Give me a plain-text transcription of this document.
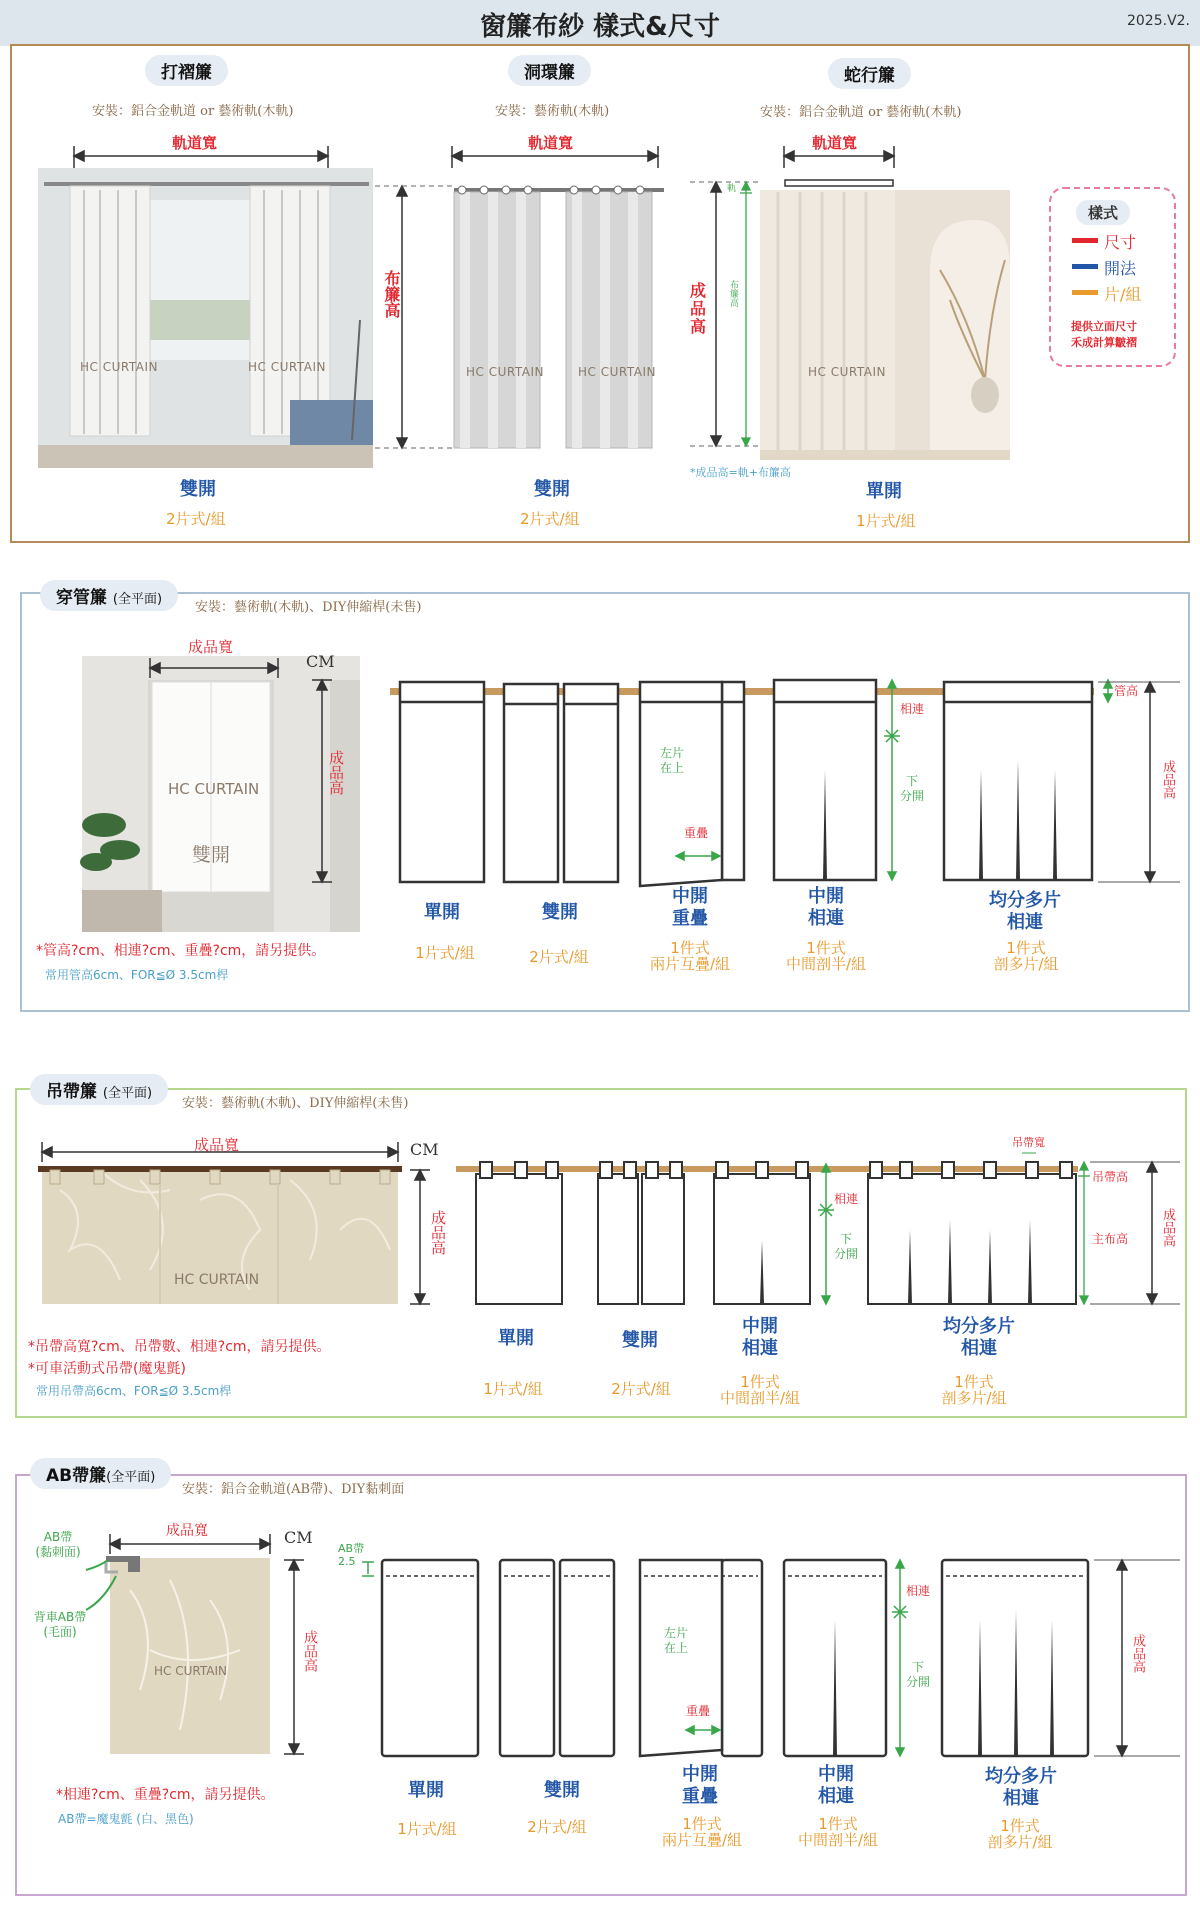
窗簾布紗 樣式&尺寸	2025.V2.
打褶簾	洞環簾	蛇行簾
安裝：鋁合金軌道 or 藝術軌(木軌)	安裝：藝術軌(木軌)	安裝：鋁合金軌道 or 藝術軌(木軌)
HC CURTAIN	HC CURTAIN	HC CURTAIN	HC CURTAIN	HC CURTAIN
軌道寬	軌道寬	軌道寬
布簾高	成品高
軌
布簾高
*成品高=軌+布簾高
雙開	雙開	單開
2片式/組	2片式/組	1片式/組
樣式
尺寸
開法
片/組
提供立面尺寸
禾成計算皺褶
穿管簾 (全平面)
安裝：藝術軌(木軌)、DIY伸縮桿(未售)
成品寬
CM
成品高
HC CURTAIN
雙開
*管高?cm、相連?cm、重疊?cm，請另提供。
常用管高6cm、FOR≦Ø 3.5cm桿
左片
在上
重疊
相連
下
分開
管高
成品高
單開	雙開
中開
重疊
中開
相連
均分多片
相連
1片式/組	2片式/組	1件式
兩片互疊/組
1件式
中間剖半/組
1件式
剖多片/組
吊帶簾 (全平面)
安裝：藝術軌(木軌)、DIY伸縮桿(未售)
成品寬	CM
成品高
HC CURTAIN
*吊帶高寬?cm、吊帶數、相連?cm，請另提供。
*可車活動式吊帶(魔鬼氈)
常用吊帶高6cm、FOR≦Ø 3.5cm桿
吊帶寬
吊帶高
主布高 成品高
相連
下
分開
單開	雙開
中開
相連
均分多片
相連
1片式/組	2片式/組	1件式
中間剖半/組
1件式
剖多片/組
AB帶簾(全平面)
安裝：鋁合金軌道(AB帶)、DIY黏刺面
成品寬	CM
成品高
AB帶
(黏刺面)
背車AB帶
(毛面)
HC CURTAIN
*相連?cm、重疊?cm，請另提供。
AB帶=魔鬼氈 (白、黑色)
AB帶
2.5
左片
在上
重疊
相連
下
分開
成品高
單開	雙開
中開
重疊
中開
相連
均分多片
相連
1片式/組	2片式/組	1件式
兩片互疊/組
1件式
中間剖半/組
1件式
剖多片/組
